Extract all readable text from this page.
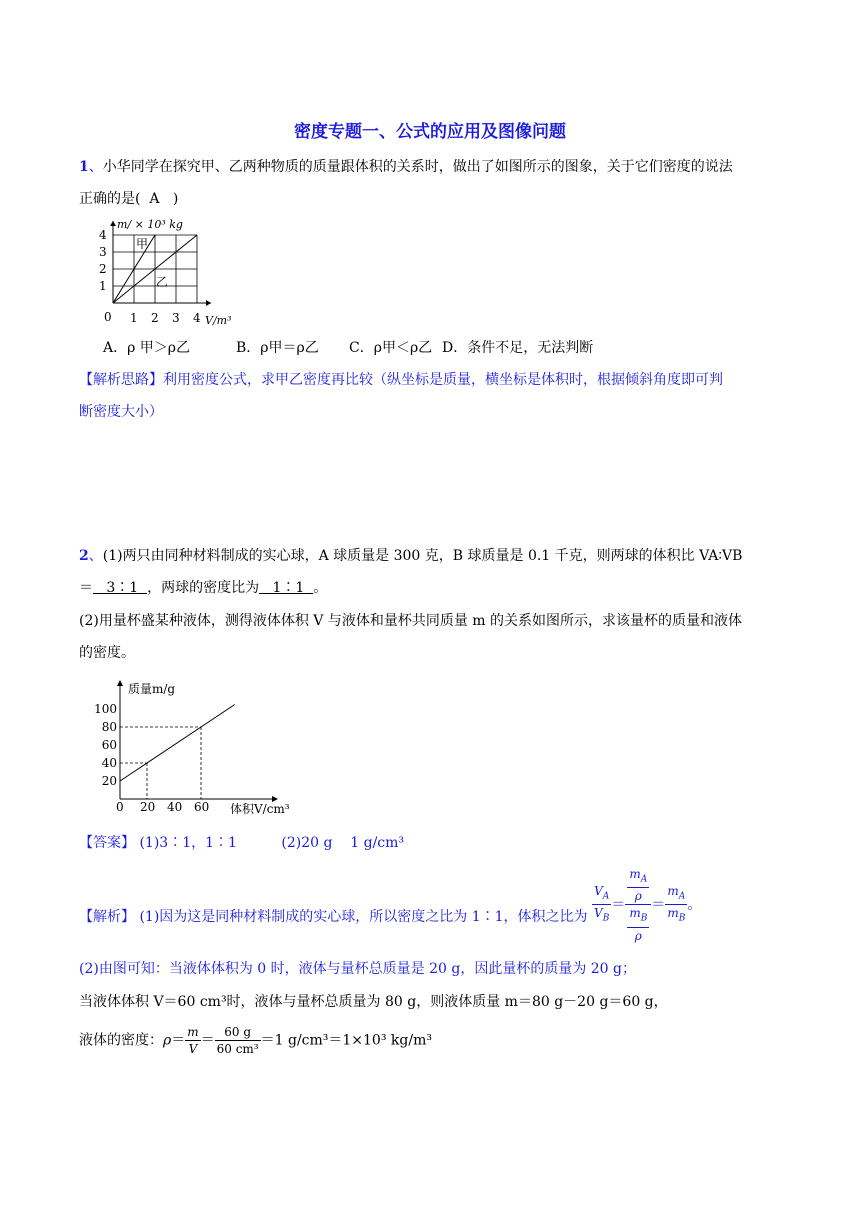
密度专题一、公式的应用及图像问题
1、小华同学在探究甲、乙两种物质的质量跟体积的关系时，做出了如图所示的图象，关于它们密度的说法
正确的是( A )
m/ × 10³ kg
V/m³
0 1 2 3 4
1
2
3
4
甲
乙
A．ρ 甲＞ρ乙	B．ρ甲＝ρ乙 C．ρ甲＜ρ乙 D．条件不足，无法判断
【解析思路】利用密度公式，求甲乙密度再比较（纵坐标是质量，横坐标是体积时，根据倾斜角度即可判
断密度大小）
2、(1)两只由同种材料制成的实心球，A 球质量是 300 克，B 球质量是 0.1 千克，则两球的体积比 VA∶VB
＝ 3∶1 ，两球的密度比为 1∶1 。
(2)用量杯盛某种液体，测得液体体积 V 与液体和量杯共同质量 m 的关系如图所示，求该量杯的质量和液体
的密度。
质量m/g
体积V/cm³
0 20 40 60
20
40
60
80
100
【答案】 (1)3∶1，1∶1          (2)20 g    1 g/cm³
【解析】 (1)因为这是同种材料制成的实心球，所以密度之比为 1∶1，体积之比为 $\frac{V_A}{V_B} = \frac{\frac{m_A}{\rho}}{\frac{m_B}{\rho}} = \frac{m_A}{m_B}$ 。
(2)由图可知：当液体体积为 0 时，液体与量杯总质量是 20 g，因此量杯的质量为 20 g；
当液体体积 V＝60 cm³时，液体与量杯总质量为 80 g，则液体质量 m＝80 g－20 g＝60 g，
液体的密度：$\rho= \frac{m}{V} = \frac{60 g}{\text{60 cm³}} =1$ g/cm³＝1×10³ kg/m³
